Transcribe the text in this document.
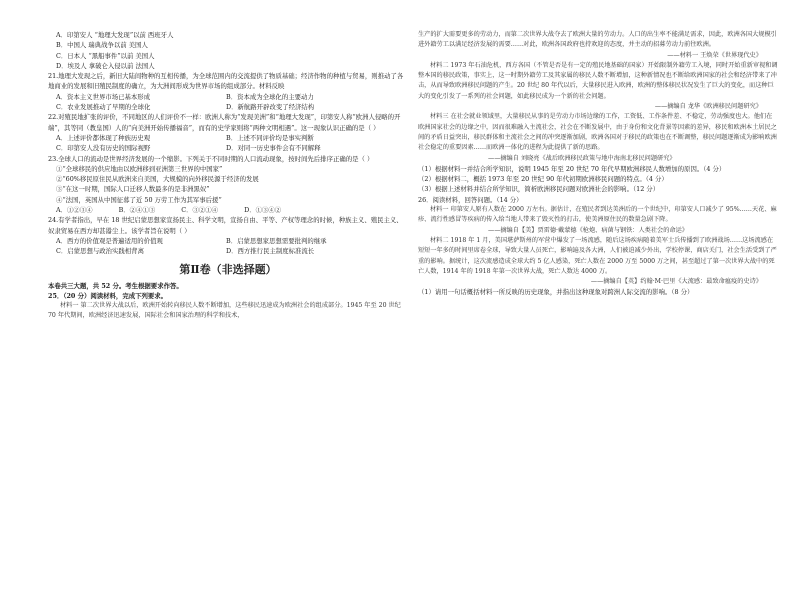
A．印第安人 “地理大发现”以前 西班牙人

B．中国人 瑞典战争以前 美国人

C．日本人 “黑船事件”以前 美国人

D．埃及人 拿破仑入侵以前 法国人

21.地理大发现之后，新旧大陆间物种的互相传播，为全球范围内的交流提供了物质基础；经济作物的种植与贸易，则推动了各地商业的发展和旧殖民制度的确立，为大洲间形成为世界市场的组成部分。材料反映

A．资本主义世界市场已基本形成	B．资本成为全球化的主要动力

C．农业发展推动了早期的全球化	D．新航路开辟改变了经济结构

22.对殖民地扩张的评价，不同地区的人们评价不一样：欧洲人称为“发现美洲”和“地理大发现”，印第安人称“欧洲人侵略的开端”，其等同（教皇国）人的“向美洲开始传播福音”，而有的史学家则将“两种文明相遇”。这一现象认识正确的是（ ）

A．上述评价都体现了种族历史观	B．上述不同评价均是事实判断

C．印第安人没有历史的国际视野	D．对同一历史事件会有不同解释

23.全球人口的流动是世界经济发展的一个缩影。下列关于不同时期的人口流动现象，按时间先后排序正确的是（ ）

①“全球移民的供应地由以欧洲移到亚洲第三世界的中国家”

②“60%移民原住民从欧洲来自美国，大规模的向外移民源于经济的发展

③“在这一时期，国际人口迁移人数最多的是非洲黑奴”

④“法国，英国从中国征募了近 50 万劳工作为其军事后援”

A．①②③④	B．②④①③	C．③②①④	D．①③④②

24.有学者指出，早在 18 世纪启蒙思想家宣扬民主、科学文明，宣扬自由、平等、产权等理念的时候，种族主义、殖民主义、奴隶贸易在西方却甚嚣尘上。该学者旨在说明（ ）

A．西方的价值观是普遍适用的价值观	B．启蒙思想家思想需要批判的继承

C．启蒙思想与政治实践相背离	D．西方推行民主制度标准流长

第Ⅱ卷（非选择题）

本卷共三大题，共 52 分。考生根据要求作答。

25．（20 分）阅读材料，完成下列要求。

材料一 第二次世界大战以后，欧洲开始转向移民人数不断增加，这些移民迅速成为欧洲社会的组成部分。1945 年至 20 世纪 70 年代期间，欧洲经济迅速发展，国际社会和国家治理的科学和技术，

生产的扩大需要更多的劳动力，而第二次世界大战夺去了欧洲大量的劳动力。人口的出生率不能满足需求，因此，欧洲各国大规模引进外籍劳工以满足经济发展的需要……对此，欧洲各国政府也持欢迎的态度，并主动的招募劳动力前往欧洲。

——材料一 王焕荣《世界现代史》

材料二 1973 年石油危机，西方各国（不管是否是有一定的殖民地基础的国家）开始限制外籍劳工入境，同时开始重新审视和调整本国的移民政策，事实上，这一时期外籍劳工及其家属的移民人数不断增加，这种新情况也不断给欧洲国家的社会和经济带来了冲击，从而导致欧洲移民问题的产生。20 世纪 80 年代以后，大量移民进入欧洲，欧洲的整体移民状况发生了巨大的变化，而这种巨大的变化引发了一系列的社会问题，如此移民成为一个新的社会问题。

——摘编自 龙华《欧洲移民问题研究》

材料三 在社会就业领域里，大量移民从事的是劳动力市场边缘的工作，工资低、工作条件差、不稳定，劳动强度也大。他们在欧洲国家社会的边缘之中，因而很难融入主流社会，社会在不断发展中，由于身份和文化背景等因素的差异，移民和欧洲本土居民之间的矛盾日益突出，移民群体和主流社会之间的冲突逐渐加剧，欧洲各国对于移民的政策也在不断调整，移民问题逐渐成为影响欧洲社会稳定的重要因素……而欧洲一体化的进程为此提供了新的思路。

——摘编自 刘晓亮《战后欧洲移民政策与地中海南北移民问题研究》

（1）根据材料一并结合所学知识，说明 1945 年至 20 世纪 70 年代早期欧洲移民人数增加的原因。（4 分）

（2）根据材料二，概括 1973 年至 20 世纪 90 年代初期欧洲移民问题的特点。（4 分）

（3）根据上述材料并结合所学知识，简析欧洲移民问题对欧洲社会的影响。（12 分）

26．阅读材料，回答问题。（14 分）

材料一 印第安人原有人数在 2000 万左右。据估计，在殖民者到达美洲后的一个世纪中，印第安人口减少了 95%……天花、麻疹、流行性感冒等疾病的传入给当地人带来了毁灭性的打击，使美洲原住民的数量急剧下降。

——摘编自【美】贾雷德·戴蒙德《枪炮、病菌与钢铁：人类社会的命运》

材料二 1918 年 1 月，美国堪萨斯州的军营中爆发了一场流感，随后这场疾病随着美军士兵传播到了欧洲战场……这场流感在短短一年多的时间里席卷全球，导致大量人员死亡，影响遍及各大洲，人们被迫减少外出，学校停课，商店关门，社会生活受到了严重的影响。据统计，这次流感造成全球大约 5 亿人感染，死亡人数在 2000 万至 5000 万之间，甚至超过了第一次世界大战中的死亡人数，1914 年的 1918 年第一次世界大战，死亡人数达 4000 万。

——摘编自【英】约翰·M·巴里《大流感：最致命瘟疫的史诗》

（1）请用一句话概括材料一所反映的历史现象，并指出这种现象对跨洲人际交流的影响。（8 分）
